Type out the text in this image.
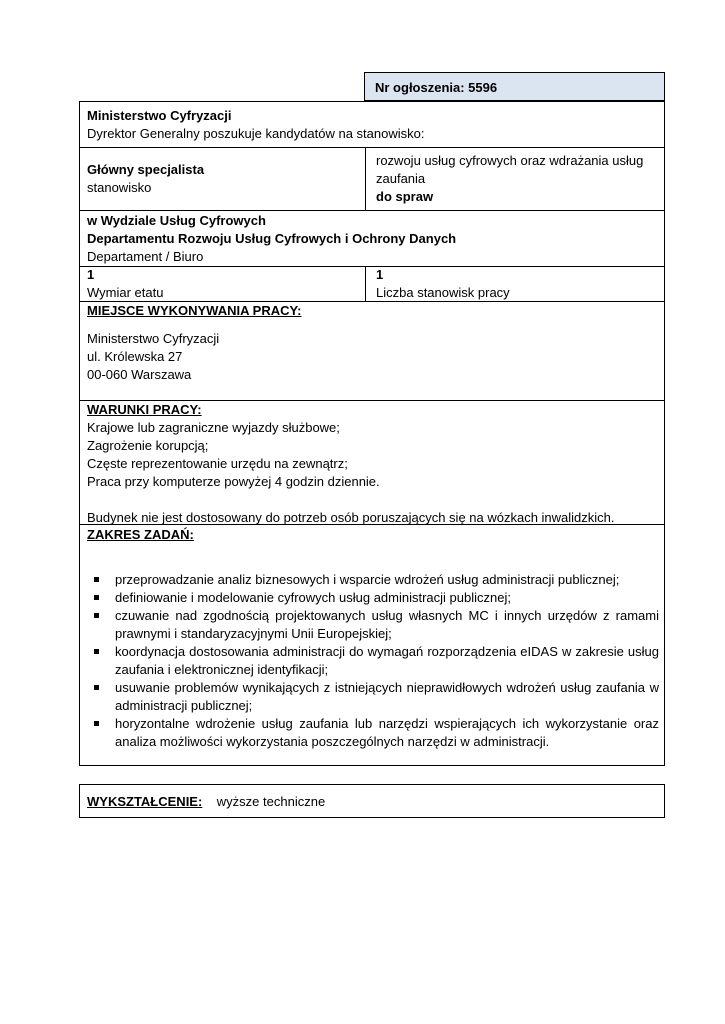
Nr ogłoszenia: 5596
Ministerstwo Cyfryzacji
Dyrektor Generalny poszukuje kandydatów na stanowisko:
Główny specjalista
stanowisko
rozwoju usług cyfrowych oraz wdrażania usług
zaufania
do spraw
w Wydziale Usług Cyfrowych
Departamentu Rozwoju Usług Cyfrowych i Ochrony Danych
Departament / Biuro
1
Wymiar etatu
1
Liczba stanowisk pracy
MIEJSCE WYKONYWANIA PRACY:
Ministerstwo Cyfryzacji
ul. Królewska 27
00-060 Warszawa
WARUNKI PRACY:
Krajowe lub zagraniczne wyjazdy służbowe;
Zagrożenie korupcją;
Częste reprezentowanie urzędu na zewnątrz;
Praca przy komputerze powyżej 4 godzin dziennie.
Budynek nie jest dostosowany do potrzeb osób poruszających się na wózkach inwalidzkich.
ZAKRES ZADAŃ:
przeprowadzanie analiz biznesowych i wsparcie wdrożeń usług administracji publicznej;
definiowanie i modelowanie cyfrowych usług administracji publicznej;
czuwanie nad zgodnością projektowanych usług własnych MC i innych urzędów z ramami prawnymi i standaryzacyjnymi Unii Europejskiej;
koordynacja dostosowania administracji do wymagań rozporządzenia eIDAS w zakresie usług zaufania i elektronicznej identyfikacji;
usuwanie problemów wynikających z istniejących nieprawidłowych wdrożeń usług zaufania w administracji publicznej;
horyzontalne wdrożenie usług zaufania lub narzędzi wspierających ich wykorzystanie oraz analiza możliwości wykorzystania poszczególnych narzędzi w administracji.
WYKSZTAŁCENIE: wyższe techniczne
